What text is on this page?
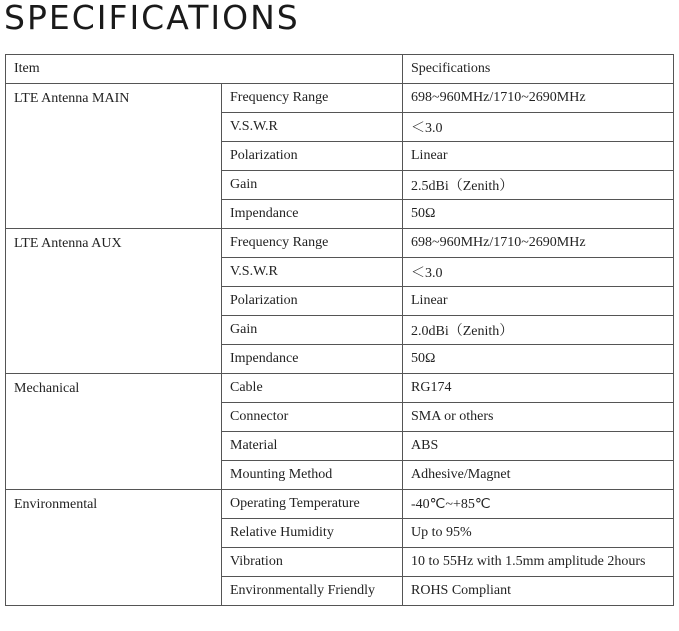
SPECIFICATIONS
Item		Specifications
LTE Antenna MAIN	Frequency Range	698~960MHz/1710~2690MHz
	V.S.W.R	＜3.0
	Polarization	Linear
	Gain	2.5dBi（Zenith）
	Impendance	50Ω
LTE Antenna AUX	Frequency Range	698~960MHz/1710~2690MHz
	V.S.W.R	＜3.0
	Polarization	Linear
	Gain	2.0dBi（Zenith）
	Impendance	50Ω
Mechanical	Cable	RG174
	Connector	SMA or others
	Material	ABS
	Mounting Method	Adhesive/Magnet
Environmental	Operating Temperature	-40℃~+85℃
	Relative Humidity	Up to 95%
	Vibration	10 to 55Hz with 1.5mm amplitude 2hours
	Environmentally Friendly	ROHS Compliant
